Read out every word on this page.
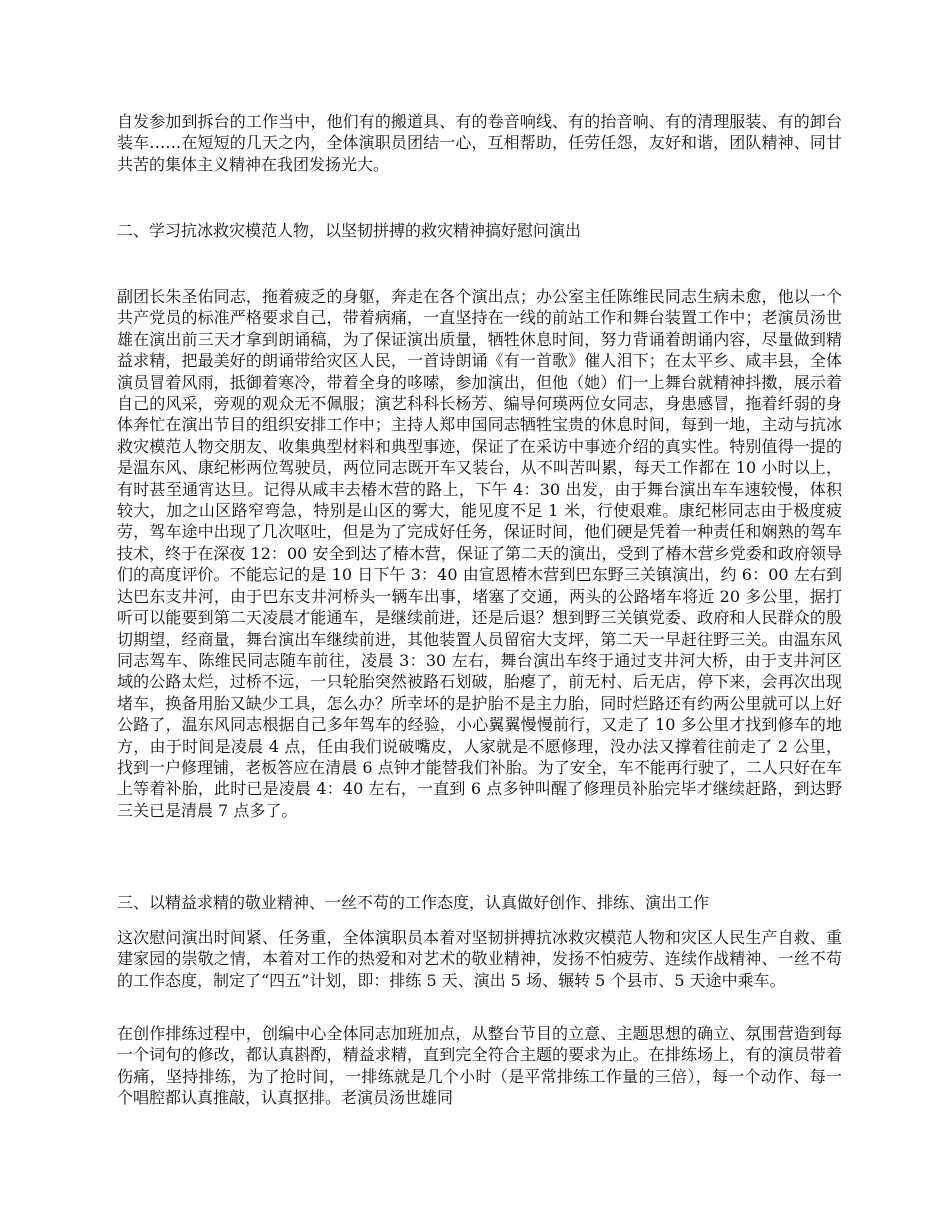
自发参加到拆台的工作当中，他们有的搬道具、有的卷音响线、有的抬音响、有的清理服装、有的卸台装车……在短短的几天之内，全体演职员团结一心，互相帮助，任劳任怨，友好和谐，团队精神、同甘共苦的集体主义精神在我团发扬光大。

二、学习抗冰救灾模范人物，以坚韧拼搏的救灾精神搞好慰问演出

副团长朱圣佑同志，拖着疲乏的身躯，奔走在各个演出点；办公室主任陈维民同志生病未愈，他以一个共产党员的标准严格要求自己，带着病痛，一直坚持在一线的前站工作和舞台装置工作中；老演员汤世雄在演出前三天才拿到朗诵稿，为了保证演出质量，牺牲休息时间，努力背诵着朗诵内容，尽量做到精益求精，把最美好的朗诵带给灾区人民，一首诗朗诵《有一首歌》催人泪下；在太平乡、咸丰县，全体演员冒着风雨，抵御着寒冷，带着全身的哆嗦，参加演出，但他（她）们一上舞台就精神抖擞，展示着自己的风采，旁观的观众无不佩服；演艺科科长杨芳、编导何瑛两位女同志，身患感冒，拖着纤弱的身体奔忙在演出节目的组织安排工作中；主持人郑申国同志牺牲宝贵的休息时间，每到一地，主动与抗冰救灾模范人物交朋友、收集典型材料和典型事迹，保证了在采访中事迹介绍的真实性。特别值得一提的是温东风、康纪彬两位驾驶员，两位同志既开车又装台，从不叫苦叫累，每天工作都在 10 小时以上，有时甚至通宵达旦。记得从咸丰去椿木营的路上，下午 4：30 出发，由于舞台演出车车速较慢，体积较大，加之山区路窄弯急，特别是山区的雾大，能见度不足 1 米，行使艰难。康纪彬同志由于极度疲劳，驾车途中出现了几次呕吐，但是为了完成好任务，保证时间，他们硬是凭着一种责任和娴熟的驾车技术，终于在深夜 12：00 安全到达了椿木营，保证了第二天的演出，受到了椿木营乡党委和政府领导们的高度评价。不能忘记的是 10 日下午 3：40 由宣恩椿木营到巴东野三关镇演出，约 6：00 左右到达巴东支井河，由于巴东支井河桥头一辆车出事，堵塞了交通，两头的公路堵车将近 20 多公里，据打听可以能要到第二天凌晨才能通车，是继续前进，还是后退？想到野三关镇党委、政府和人民群众的殷切期望，经商量，舞台演出车继续前进，其他装置人员留宿大支坪，第二天一早赶往野三关。由温东风同志驾车、陈维民同志随车前往，凌晨 3：30 左右，舞台演出车终于通过支井河大桥，由于支井河区域的公路太烂，过桥不远，一只轮胎突然被路石划破，胎瘪了，前无村、后无店，停下来，会再次出现堵车，换备用胎又缺少工具，怎么办？所幸坏的是护胎不是主力胎，同时烂路还有约两公里就可以上好公路了，温东风同志根据自己多年驾车的经验，小心翼翼慢慢前行，又走了 10 多公里才找到修车的地方，由于时间是凌晨 4 点，任由我们说破嘴皮，人家就是不愿修理，没办法又撑着往前走了 2 公里，找到一户修理铺，老板答应在清晨 6 点钟才能替我们补胎。为了安全，车不能再行驶了，二人只好在车上等着补胎，此时已是凌晨 4：40 左右，一直到 6 点多钟叫醒了修理员补胎完毕才继续赶路，到达野三关已是清晨 7 点多了。

三、以精益求精的敬业精神、一丝不苟的工作态度，认真做好创作、排练、演出工作

这次慰问演出时间紧、任务重，全体演职员本着对坚韧拼搏抗冰救灾模范人物和灾区人民生产自救、重建家园的崇敬之情，本着对工作的热爱和对艺术的敬业精神，发扬不怕疲劳、连续作战精神、一丝不苟的工作态度，制定了“四五”计划，即：排练 5 天、演出 5 场、辗转 5 个县市、5 天途中乘车。

在创作排练过程中，创编中心全体同志加班加点，从整台节目的立意、主题思想的确立、氛围营造到每一个词句的修改，都认真斟酌，精益求精，直到完全符合主题的要求为止。在排练场上，有的演员带着伤痛，坚持排练，为了抢时间，一排练就是几个小时（是平常排练工作量的三倍），每一个动作、每一个唱腔都认真推敲，认真抠排。老演员汤世雄同
